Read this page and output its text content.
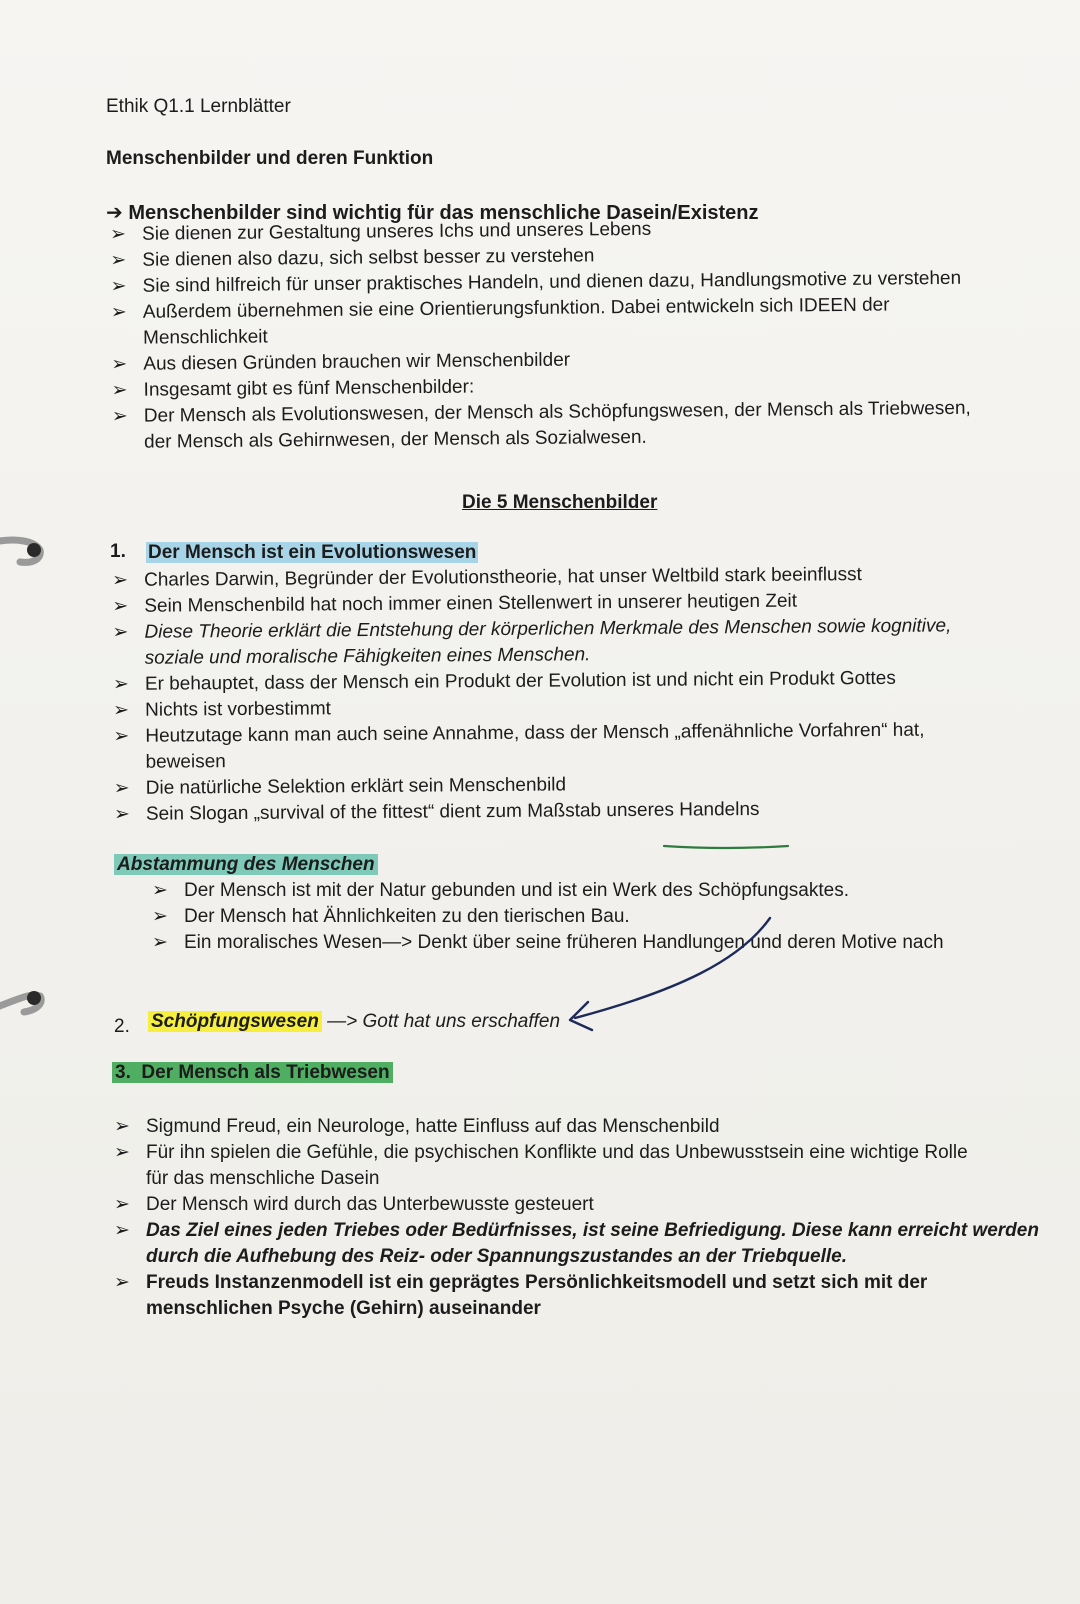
Ethik Q1.1 Lernblätter
Menschenbilder und deren Funktion
➔ Menschenbilder sind wichtig für das menschliche Dasein/Existenz
➢ Sie dienen zur Gestaltung unseres Ichs und unseres Lebens
➢ Sie dienen also dazu, sich selbst besser zu verstehen
➢ Sie sind hilfreich für unser praktisches Handeln, und dienen dazu, Handlungsmotive zu verstehen
➢ Außerdem übernehmen sie eine Orientierungsfunktion. Dabei entwickeln sich IDEEN der
Menschlichkeit
➢ Aus diesen Gründen brauchen wir Menschenbilder
➢ Insgesamt gibt es fünf Menschenbilder:
➢ Der Mensch als Evolutionswesen, der Mensch als Schöpfungswesen, der Mensch als Triebwesen,
der Mensch als Gehirnwesen, der Mensch als Sozialwesen.
Die 5 Menschenbilder
1. Der Mensch ist ein Evolutionswesen
➢ Charles Darwin, Begründer der Evolutionstheorie, hat unser Weltbild stark beeinflusst
➢ Sein Menschenbild hat noch immer einen Stellenwert in unserer heutigen Zeit
➢ Diese Theorie erklärt die Entstehung der körperlichen Merkmale des Menschen sowie kognitive,
soziale und moralische Fähigkeiten eines Menschen.
➢ Er behauptet, dass der Mensch ein Produkt der Evolution ist und nicht ein Produkt Gottes
➢ Nichts ist vorbestimmt
➢ Heutzutage kann man auch seine Annahme, dass der Mensch „affenähnliche Vorfahren“ hat,
beweisen
➢ Die natürliche Selektion erklärt sein Menschenbild
➢ Sein Slogan „survival of the fittest“ dient zum Maßstab unseres Handelns
Abstammung des Menschen
➢ Der Mensch ist mit der Natur gebunden und ist ein Werk des Schöpfungsaktes.
➢ Der Mensch hat Ähnlichkeiten zu den tierischen Bau.
➢ Ein moralisches Wesen—> Denkt über seine früheren Handlungen und deren Motive nach
2. Schöpfungswesen —> Gott hat uns erschaffen
3. Der Mensch als Triebwesen
➢ Sigmund Freud, ein Neurologe, hatte Einfluss auf das Menschenbild
➢ Für ihn spielen die Gefühle, die psychischen Konflikte und das Unbewusstsein eine wichtige Rolle
für das menschliche Dasein
➢ Der Mensch wird durch das Unterbewusste gesteuert
➢ Das Ziel eines jeden Triebes oder Bedürfnisses, ist seine Befriedigung. Diese kann erreicht werden
durch die Aufhebung des Reiz- oder Spannungszustandes an der Triebquelle.
➢ Freuds Instanzenmodell ist ein geprägtes Persönlichkeitsmodell und setzt sich mit der
menschlichen Psyche (Gehirn) auseinander
